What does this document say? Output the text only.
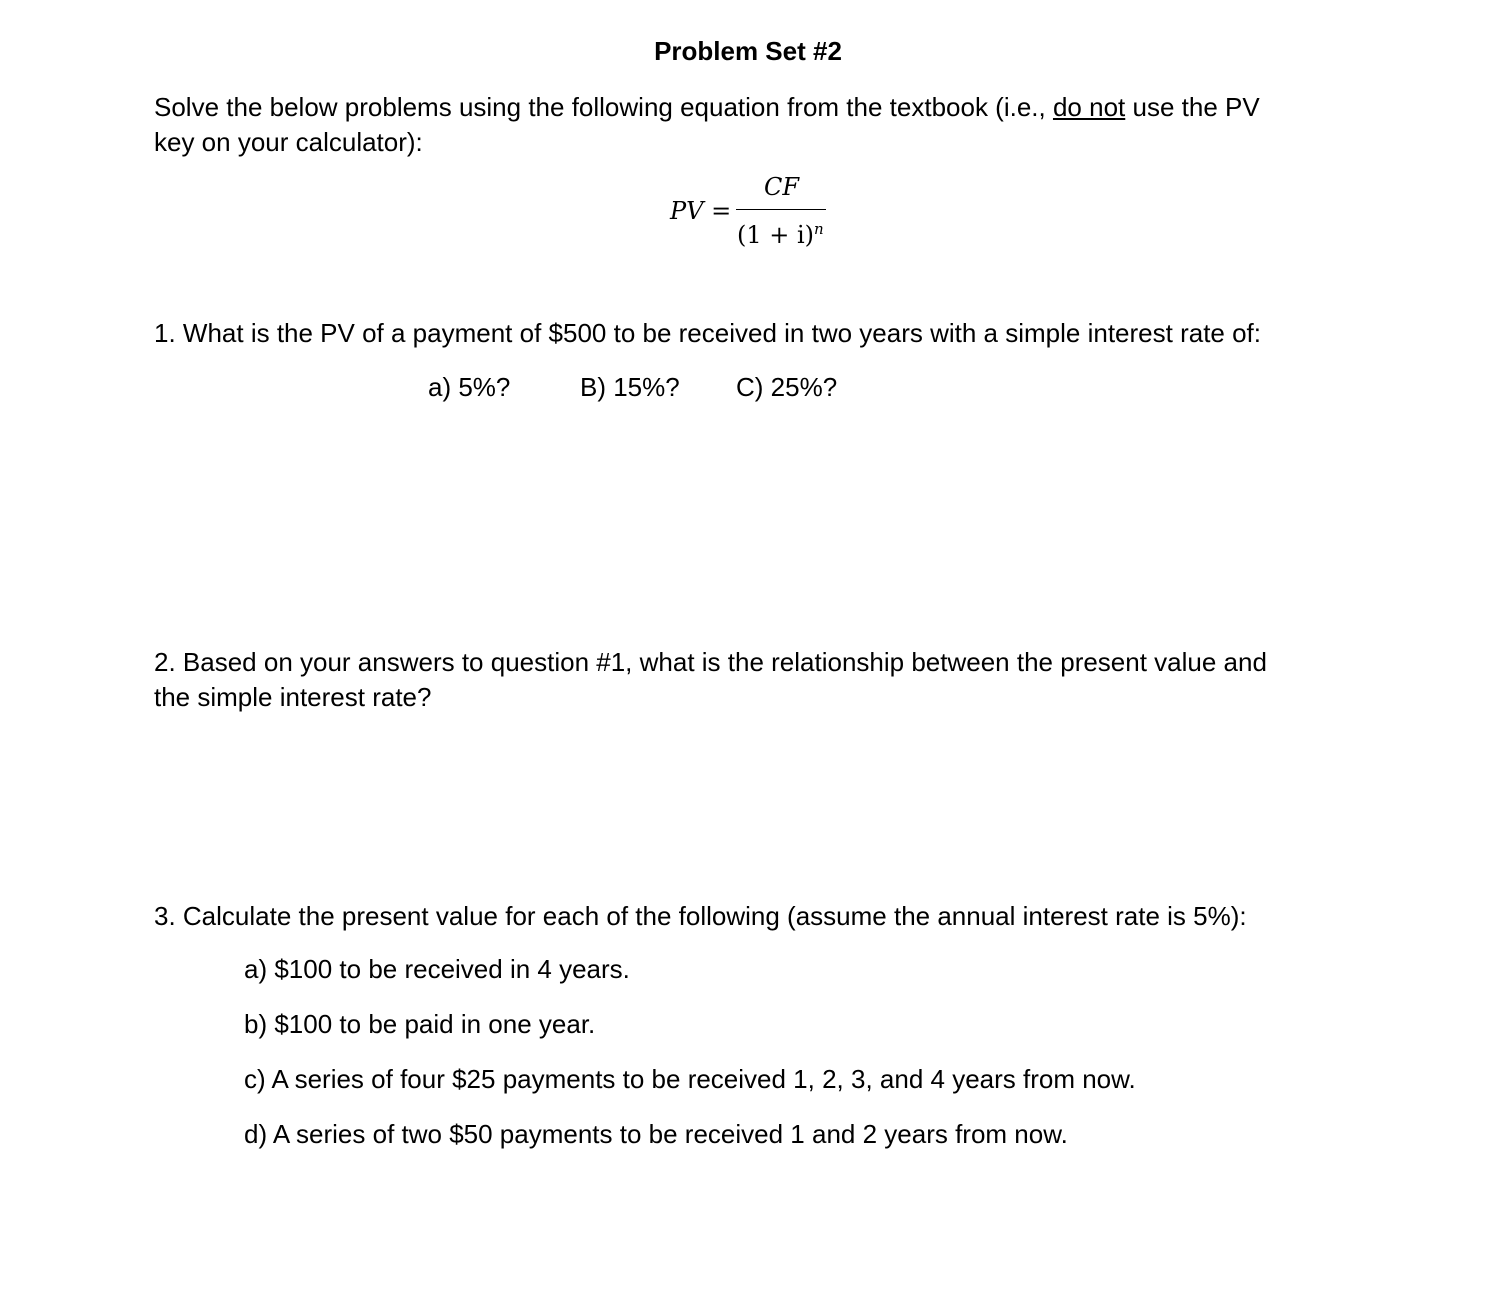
Problem Set #2
Solve the below problems using the following equation from the textbook (i.e., do not use the PV
key on your calculator):
PV =
CF
$(1 + i)^n$
1. What is the PV of a payment of $500 to be received in two years with a simple interest rate of:
a) 5%?	B) 15%? C) 25%?
2. Based on your answers to question #1, what is the relationship between the present value and
the simple interest rate?
3. Calculate the present value for each of the following (assume the annual interest rate is 5%):
a) $100 to be received in 4 years.
b) $100 to be paid in one year.
c) A series of four $25 payments to be received 1, 2, 3, and 4 years from now.
d) A series of two $50 payments to be received 1 and 2 years from now.
